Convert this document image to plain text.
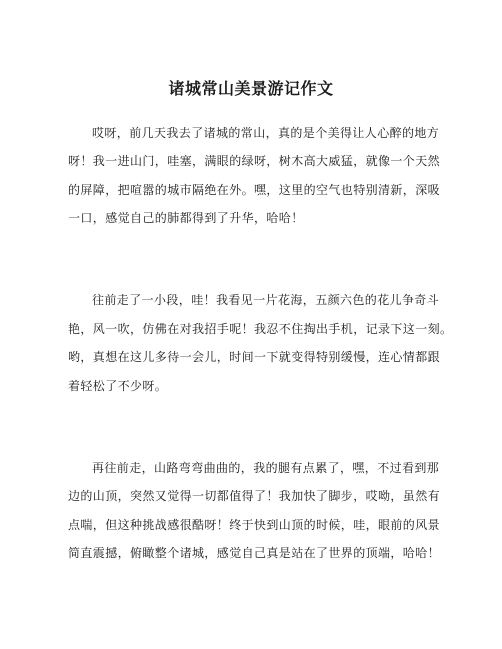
诸城常山美景游记作文
哎呀，前几天我去了诸城的常山，真的是个美得让人心醉的地方
呀！我一进山门，哇塞，满眼的绿呀，树木高大威猛，就像一个天然
的屏障，把喧嚣的城市隔绝在外。嘿，这里的空气也特别清新，深吸
一口，感觉自己的肺都得到了升华，哈哈！
往前走了一小段，哇！我看见一片花海，五颜六色的花儿争奇斗
艳，风一吹，仿佛在对我招手呢！我忍不住掏出手机，记录下这一刻。
哟，真想在这儿多待一会儿，时间一下就变得特别缓慢，连心情都跟
着轻松了不少呀。
再往前走，山路弯弯曲曲的，我的腿有点累了，嘿，不过看到那
边的山顶，突然又觉得一切都值得了！我加快了脚步，哎呦，虽然有
点喘，但这种挑战感很酷呀！终于快到山顶的时候，哇，眼前的风景
简直震撼，俯瞰整个诸城，感觉自己真是站在了世界的顶端，哈哈！
